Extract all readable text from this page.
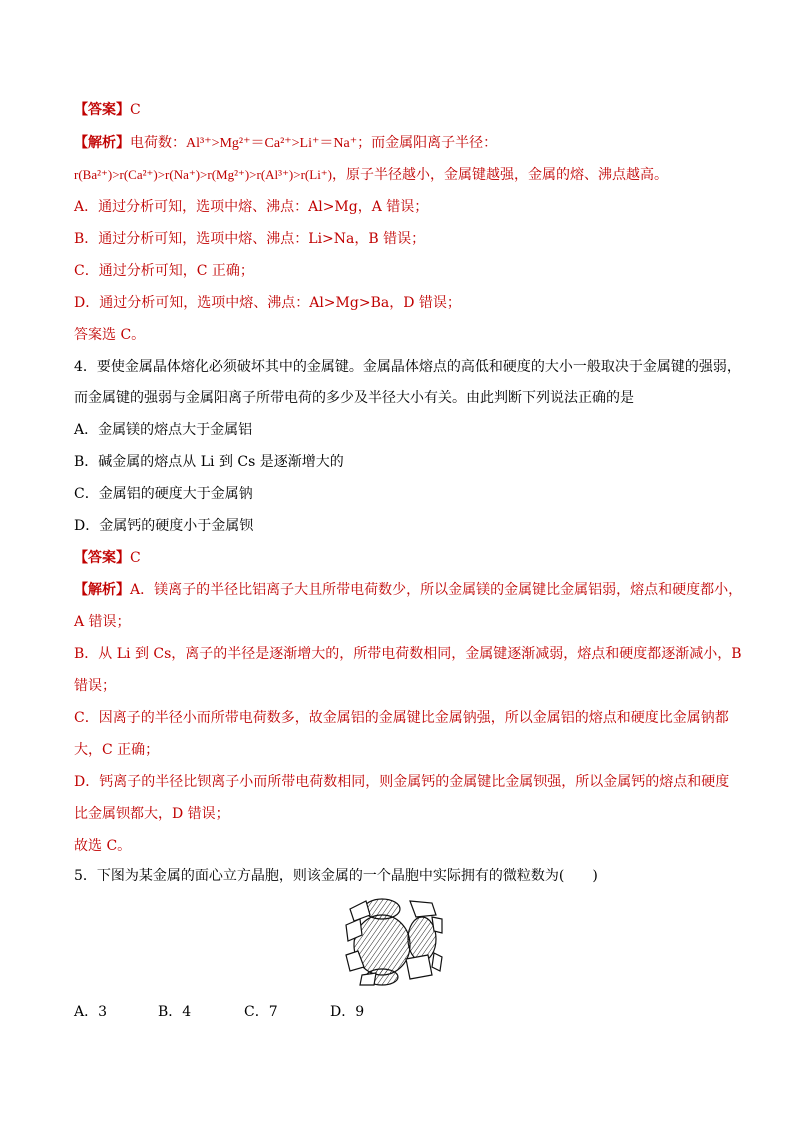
【答案】C
【解析】电荷数：Al³⁺>Mg²⁺＝Ca²⁺>Li⁺＝Na⁺；而金属阳离子半径：
r(Ba²⁺)>r(Ca²⁺)>r(Na⁺)>r(Mg²⁺)>r(Al³⁺)>r(Li⁺)，原子半径越小，金属键越强，金属的熔、沸点越高。
A．通过分析可知，选项中熔、沸点：Al>Mg，A 错误；
B．通过分析可知，选项中熔、沸点：Li>Na，B 错误；
C．通过分析可知，C 正确；
D．通过分析可知，选项中熔、沸点：Al>Mg>Ba，D 错误；
答案选 C。
4．要使金属晶体熔化必须破坏其中的金属键。金属晶体熔点的高低和硬度的大小一般取决于金属键的强弱，
而金属键的强弱与金属阳离子所带电荷的多少及半径大小有关。由此判断下列说法正确的是
A．金属镁的熔点大于金属铝
B．碱金属的熔点从 Li 到 Cs 是逐渐增大的
C．金属铝的硬度大于金属钠
D．金属钙的硬度小于金属钡
【答案】C
【解析】A．镁离子的半径比铝离子大且所带电荷数少，所以金属镁的金属键比金属铝弱，熔点和硬度都小，
A 错误；
B．从 Li 到 Cs，离子的半径是逐渐增大的，所带电荷数相同，金属键逐渐减弱，熔点和硬度都逐渐减小，B
错误；
C．因离子的半径小而所带电荷数多，故金属铝的金属键比金属钠强，所以金属铝的熔点和硬度比金属钠都
大，C 正确；
D．钙离子的半径比钡离子小而所带电荷数相同，则金属钙的金属键比金属钡强，所以金属钙的熔点和硬度
比金属钡都大，D 错误；
故选 C。
5．下图为某金属的面心立方晶胞，则该金属的一个晶胞中实际拥有的微粒数为(　　)
A．3	B．4	C．7	D．9
